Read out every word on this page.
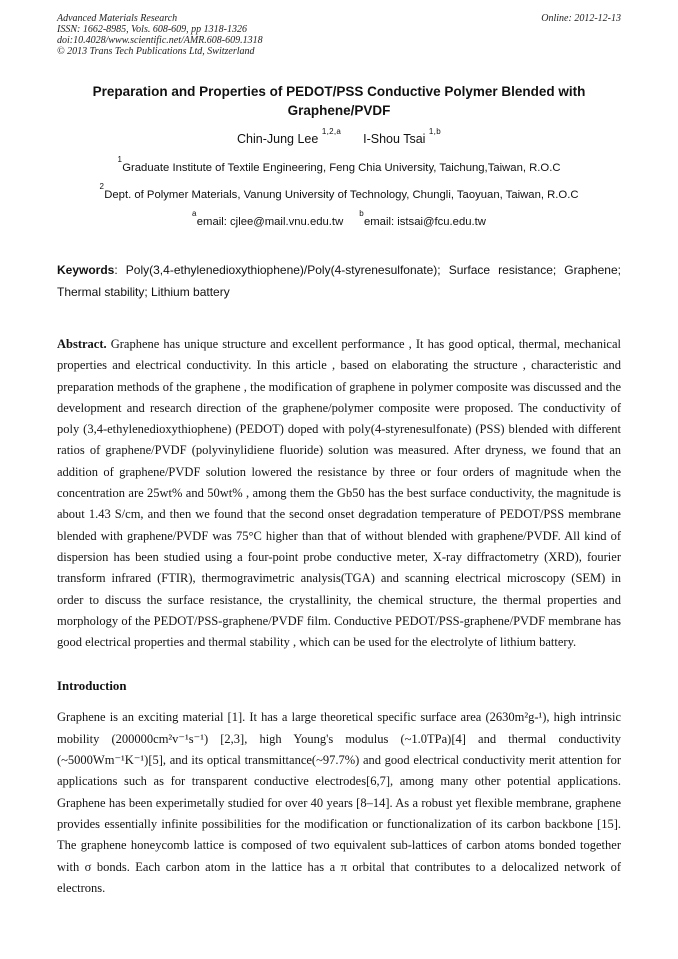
Advanced Materials Research
ISSN: 1662-8985, Vols. 608-609, pp 1318-1326
doi:10.4028/www.scientific.net/AMR.608-609.1318
© 2013 Trans Tech Publications Ltd, Switzerland
Online: 2012-12-13
Preparation and Properties of PEDOT/PSS Conductive Polymer Blended with Graphene/PVDF
Chin-Jung Lee $^{1,2,a}$I-Shou Tsai $^{1,b}$
$^1$Graduate Institute of Textile Engineering, Feng Chia University, Taichung,Taiwan, R.O.C
$^2$Dept. of Polymer Materials, Vanung University of Technology, Chungli, Taoyuan, Taiwan, R.O.C
$^a$email: $cjlee@mail.vnu.edu.tw^bemail$: istsai@fcu.edu.tw

Keywords: Poly(3,4-ethylenedioxythiophene)/Poly(4-styrenesulfonate); Surface resistance; Graphene; Thermal stability; Lithium battery

Abstract. Graphene has unique structure and excellent performance , It has good optical, thermal, mechanical properties and electrical conductivity. In this article , based on elaborating the structure , characteristic and preparation methods of the graphene , the modification of graphene in polymer composite was discussed and the development and research direction of the graphene/polymer composite were proposed. The conductivity of poly (3,4-ethylenedioxythiophene) (PEDOT) doped with poly(4-styrenesulfonate) (PSS) blended with different ratios of graphene/PVDF (polyvinylidiene fluoride) solution was measured. After dryness, we found that an addition of graphene/PVDF solution lowered the resistance by three or four orders of magnitude when the concentration are 25wt% and 50wt% , among them the Gb50 has the best surface conductivity, the magnitude is about 1.43 S/cm, and then we found that the second onset degradation temperature of PEDOT/PSS membrane blended with graphene/PVDF was 75°C higher than that of without blended with graphene/PVDF. All kind of dispersion has been studied using a four-point probe conductive meter, X-ray diffractometry (XRD), fourier transform infrared (FTIR), thermogravimetric analysis(TGA) and scanning electrical microscopy (SEM) in order to discuss the surface resistance, the crystallinity, the chemical structure, the thermal properties and morphology of the PEDOT/PSS-graphene/PVDF film. Conductive PEDOT/PSS-graphene/PVDF membrane has good electrical properties and thermal stability , which can be used for the electrolyte of lithium battery.

Introduction

Graphene is an exciting material [1]. It has a large theoretical specific surface area (2630m²g-¹), high intrinsic mobility (200000cm²v⁻¹s⁻¹) [2,3], high Young's modulus (~1.0TPa)[4] and thermal conductivity (~5000Wm⁻¹K⁻¹)[5], and its optical transmittance(~97.7%) and good electrical conductivity merit attention for applications such as for transparent conductive electrodes[6,7], among many other potential applications. Graphene has been experimetally studied for over 40 years [8–14]. As a robust yet flexible membrane, graphene provides essentially infinite possibilities for the modification or functionalization of its carbon backbone [15]. The graphene honeycomb lattice is composed of two equivalent sub-lattices of carbon atoms bonded together with σ bonds. Each carbon atom in the lattice has a π orbital that contributes to a delocalized network of electrons.
